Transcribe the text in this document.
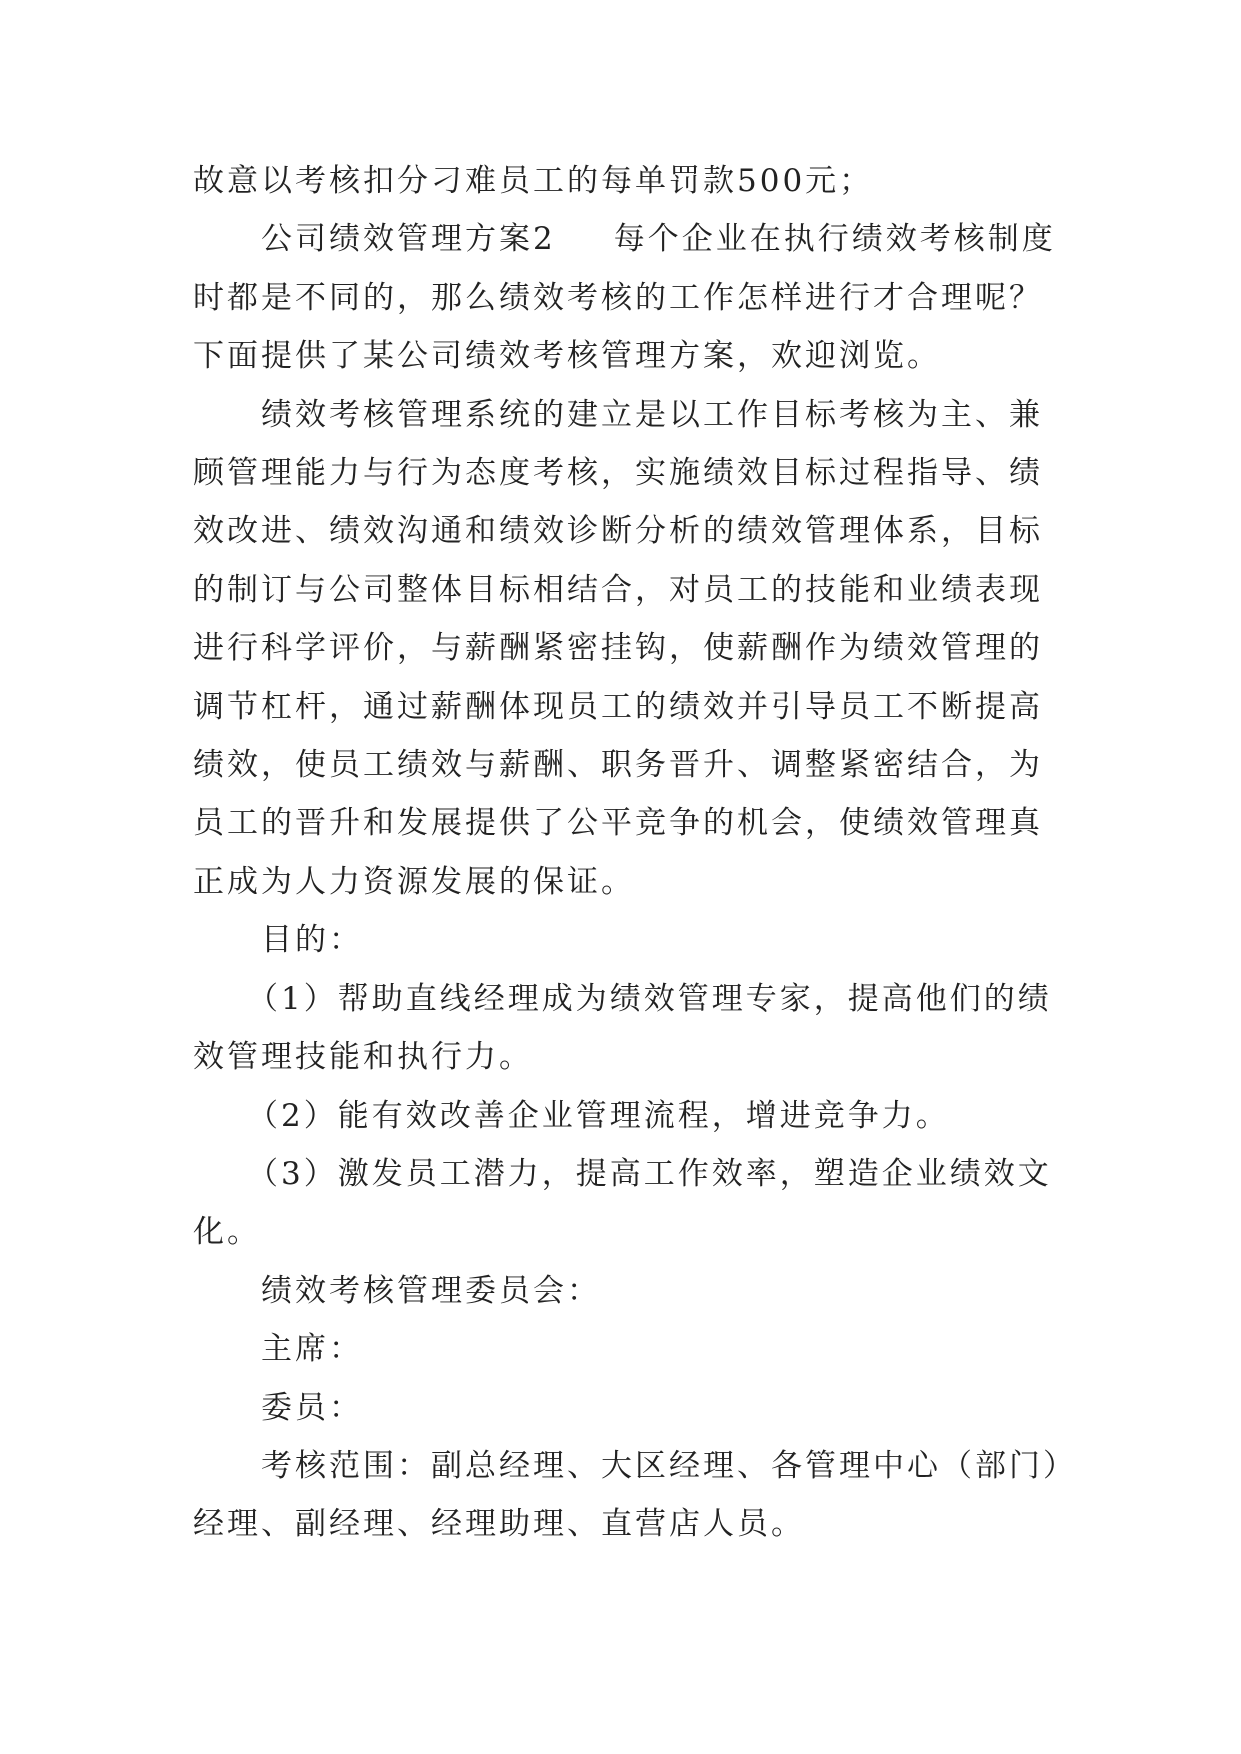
故意以考核扣分刁难员工的每单罚款500元；

公司绩效管理方案2 每个企业在执行绩效考核制度时都是不同的，那么绩效考核的工作怎样进行才合理呢？下面提供了某公司绩效考核管理方案，欢迎浏览。

绩效考核管理系统的建立是以工作目标考核为主、兼顾管理能力与行为态度考核，实施绩效目标过程指导、绩效改进、绩效沟通和绩效诊断分析的绩效管理体系，目标的制订与公司整体目标相结合，对员工的技能和业绩表现进行科学评价，与薪酬紧密挂钩，使薪酬作为绩效管理的调节杠杆，通过薪酬体现员工的绩效并引导员工不断提高绩效，使员工绩效与薪酬、职务晋升、调整紧密结合，为员工的晋升和发展提供了公平竞争的机会，使绩效管理真正成为人力资源发展的保证。

目的：

（1）帮助直线经理成为绩效管理专家，提高他们的绩效管理技能和执行力。

（2）能有效改善企业管理流程，增进竞争力。

（3）激发员工潜力，提高工作效率，塑造企业绩效文化。

绩效考核管理委员会：

主席：

委员：

考核范围：副总经理、大区经理、各管理中心（部门）经理、副经理、经理助理、直营店人员。
